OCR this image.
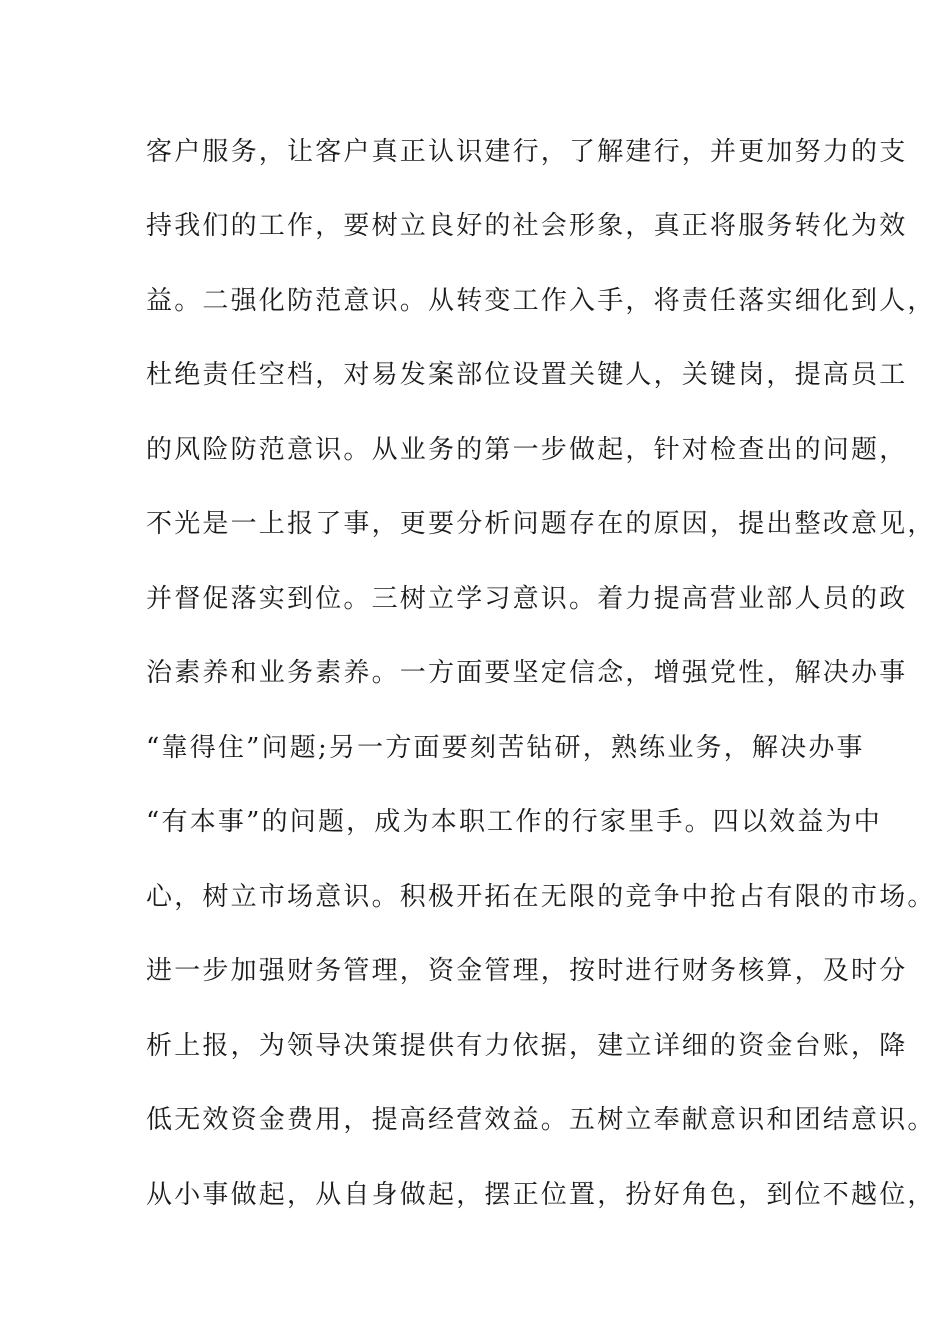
客户服务，让客户真正认识建行，了解建行，并更加努力的支

持我们的工作，要树立良好的社会形象，真正将服务转化为效

益。二强化防范意识。从转变工作入手，将责任落实细化到人，

杜绝责任空档，对易发案部位设置关键人，关键岗，提高员工

的风险防范意识。从业务的第一步做起，针对检查出的问题，

不光是一上报了事，更要分析问题存在的原因，提出整改意见，

并督促落实到位。三树立学习意识。着力提高营业部人员的政

治素养和业务素养。一方面要坚定信念，增强党性，解决办事

“靠得住”问题;另一方面要刻苦钻研，熟练业务，解决办事

“有本事”的问题，成为本职工作的行家里手。四以效益为中

心，树立市场意识。积极开拓在无限的竞争中抢占有限的市场。

进一步加强财务管理，资金管理，按时进行财务核算，及时分

析上报，为领导决策提供有力依据，建立详细的资金台账，降

低无效资金费用，提高经营效益。五树立奉献意识和团结意识。

从小事做起，从自身做起，摆正位置，扮好角色，到位不越位，
